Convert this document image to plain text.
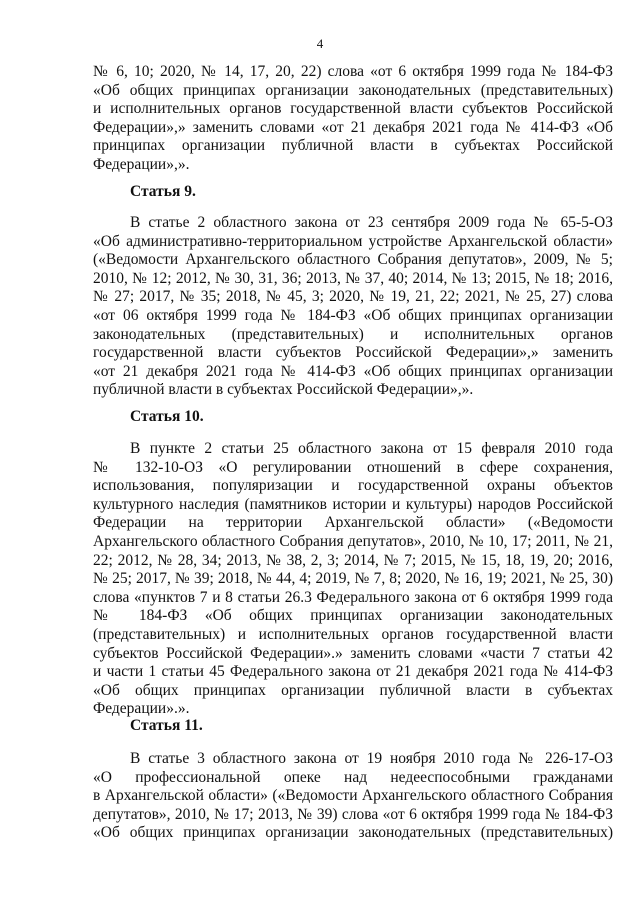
4
№ 6, 10; 2020, № 14, 17, 20, 22) слова «от 6 октября 1999 года № 184-ФЗ
«Об общих принципах организации законодательных (представительных)
и исполнительных органов государственной власти субъектов Российской
Федерации»,» заменить словами «от 21 декабря 2021 года № 414-ФЗ «Об
принципах организации публичной власти в субъектах Российской
Федерации»,».
Статья 9.
В статье 2 областного закона от 23 сентября 2009 года № 65-5-ОЗ
«Об административно-территориальном устройстве Архангельской области»
(«Ведомости Архангельского областного Собрания депутатов», 2009, № 5;
2010, № 12; 2012, № 30, 31, 36; 2013, № 37, 40; 2014, № 13; 2015, № 18; 2016,
№ 27; 2017, № 35; 2018, № 45, 3; 2020, № 19, 21, 22; 2021, № 25, 27) слова
«от 06 октября 1999 года № 184-ФЗ «Об общих принципах организации
законодательных (представительных) и исполнительных органов
государственной власти субъектов Российской Федерации»,» заменить
«от 21 декабря 2021 года № 414-ФЗ «Об общих принципах организации
публичной власти в субъектах Российской Федерации»,».
Статья 10.
В пункте 2 статьи 25 областного закона от 15 февраля 2010 года
№ 132-10-ОЗ «О регулировании отношений в сфере сохранения,
использования, популяризации и государственной охраны объектов
культурного наследия (памятников истории и культуры) народов Российской
Федерации на территории Архангельской области» («Ведомости
Архангельского областного Собрания депутатов», 2010, № 10, 17; 2011, № 21,
22; 2012, № 28, 34; 2013, № 38, 2, 3; 2014, № 7; 2015, № 15, 18, 19, 20; 2016,
№ 25; 2017, № 39; 2018, № 44, 4; 2019, № 7, 8; 2020, № 16, 19; 2021, № 25, 30)
слова «пунктов 7 и 8 статьи 26.3 Федерального закона от 6 октября 1999 года
№ 184-ФЗ «Об общих принципах организации законодательных
(представительных) и исполнительных органов государственной власти
субъектов Российской Федерации».» заменить словами «части 7 статьи 42
и части 1 статьи 45 Федерального закона от 21 декабря 2021 года № 414-ФЗ
«Об общих принципах организации публичной власти в субъектах
Федерации».».
Статья 11.
В статье 3 областного закона от 19 ноября 2010 года № 226-17-ОЗ
«О профессиональной опеке над недееспособными гражданами
в Архангельской области» («Ведомости Архангельского областного Собрания
депутатов», 2010, № 17; 2013, № 39) слова «от 6 октября 1999 года № 184-ФЗ
«Об общих принципах организации законодательных (представительных)
